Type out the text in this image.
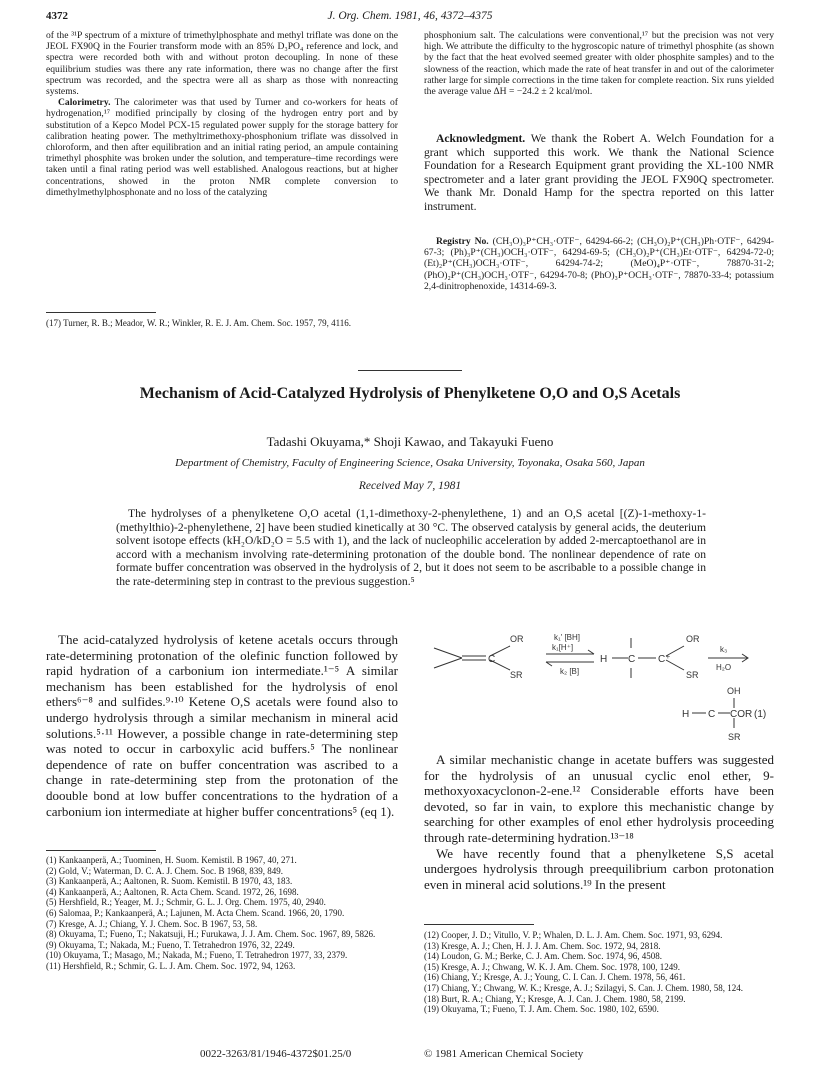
4372	J. Org. Chem. 1981, 46, 4372–4375

of the ³¹P spectrum of a mixture of trimethylphosphate and methyl triflate was done on the JEOL FX90Q in the Fourier transform mode with an 85% D₃PO₄ reference and lock, and spectra were recorded both with and without proton decoupling. In none of these equilibrium studies was there any rate information, there was no change after the first spectrum was recorded, and the spectra were all as sharp as those with nonreacting systems.

Calorimetry. The calorimeter was that used by Turner and co-workers for heats of hydrogenation,¹⁷ modified principally by closing of the hydrogen entry port and by substitution of a Kepco Model PCX-15 regulated power supply for the storage battery for calibration heating power. The methyltrimethoxy-phosphonium triflate was dissolved in chloroform, and then after equilibration and an initial rating period, an ampule containing trimethyl phosphite was broken under the solution, and temperature–time recordings were taken until a final rating period was well established. Analogous reactions, but at higher concentrations, showed in the proton NMR complete conversion to dimethylmethylphosphonate and no loss of the catalyzing

(17) Turner, R. B.; Meador, W. R.; Winkler, R. E. J. Am. Chem. Soc. 1957, 79, 4116.

phosphonium salt. The calculations were conventional,¹⁷ but the precision was not very high. We attribute the difficulty to the hygroscopic nature of trimethyl phosphite (as shown by the fact that the heat evolved seemed greater with older phosphite samples) and to the slowness of the reaction, which made the rate of heat transfer in and out of the calorimeter rather large for simple corrections in the time taken for complete reaction. Six runs yielded the average value ΔH = −24.2 ± 2 kcal/mol.

Acknowledgment. We thank the Robert A. Welch Foundation for a grant which supported this work. We thank the National Science Foundation for a Research Equipment grant providing the XL-100 NMR spectrometer and a later grant providing the JEOL FX90Q spectrometer. We thank Mr. Donald Hamp for the spectra reported on this latter instrument.

Registry No. (CH₃O)₃P⁺CH₃·OTF⁻, 64294-66-2; (CH₃O)₂P⁺(CH₃)Ph·OTF⁻, 64294-67-3; (Ph)₃P⁺(CH₃)OCH₃·OTF⁻, 64294-69-5; (CH₃O)₂P⁺(CH₃)Et·OTF⁻, 64294-72-0; (Et)₂P⁺(CH₃)OCH₃·OTF⁻, 64294-74-2; (MeO)₄P⁺·OTF⁻, 78870-31-2; (PhO)₂P⁺(CH₃)OCH₃·OTF⁻, 64294-70-8; (PhO)₃P⁺OCH₃·OTF⁻, 78870-33-4; potassium 2,4-dinitrophenoxide, 14314-69-3.

Mechanism of Acid-Catalyzed Hydrolysis of Phenylketene O,O and O,S Acetals
Tadashi Okuyama,* Shoji Kawao, and Takayuki Fueno
Department of Chemistry, Faculty of Engineering Science, Osaka University, Toyonaka, Osaka 560, Japan
Received May 7, 1981
The hydrolyses of a phenylketene O,O acetal (1,1-dimethoxy-2-phenylethene, 1) and an O,S acetal [(Z)-1-methoxy-1-(methylthio)-2-phenylethene, 2] have been studied kinetically at 30 °C. The observed catalysis by general acids, the deuterium solvent isotope effects (kH₂O/kD₂O = 5.5 with 1), and the lack of nucleophilic acceleration by added 2-mercaptoethanol are in accord with a mechanism involving rate-determining protonation of the double bond. The nonlinear dependence of rate on formate buffer concentration was observed in the hydrolysis of 2, but it does not seem to be ascribable to a possible change in the rate-determining step in contrast to the previous suggestion.⁵

The acid-catalyzed hydrolysis of ketene acetals occurs through rate-determining protonation of the olefinic function followed by rapid hydration of a carbonium ion intermediate.¹⁻⁵ A similar mechanism has been established for the hydrolysis of enol ethers⁶⁻⁸ and sulfides.⁹·¹⁰ Ketene O,S acetals were found also to undergo hydrolysis through a similar mechanism in mineral acid solutions.⁵·¹¹ However, a possible change in rate-determining step was noted to occur in carboxylic acid buffers.⁵ The nonlinear dependence of rate on buffer concentration was ascribed to a change in rate-determining step from the protonation of the doouble bond at low buffer concentrations to the hydration of a carbonium ion intermediate at higher buffer concentrations⁵ (eq 1).

(1) Kankaanperä, A.; Tuominen, H. Suom. Kemistil. B 1967, 40, 271.
(2) Gold, V.; Waterman, D. C. A. J. Chem. Soc. B 1968, 839, 849.
(3) Kankaanperä, A.; Aaltonen, R. Suom. Kemistil. B 1970, 43, 183.
(4) Kankaanperä, A.; Aaltonen, R. Acta Chem. Scand. 1972, 26, 1698.
(5) Hershfield, R.; Yeager, M. J.; Schmir, G. L. J. Org. Chem. 1975, 40, 2940.
(6) Salomaa, P.; Kankaanperä, A.; Lajunen, M. Acta Chem. Scand. 1966, 20, 1790.
(7) Kresge, A. J.; Chiang, Y. J. Chem. Soc. B 1967, 53, 58.
(8) Okuyama, T.; Fueno, T.; Nakatsuji, H.; Furukawa, J. J. Am. Chem. Soc. 1967, 89, 5826.
(9) Okuyama, T.; Nakada, M.; Fueno, T. Tetrahedron 1976, 32, 2249.
(10) Okuyama, T.; Masago, M.; Nakada, M.; Fueno, T. Tetrahedron 1977, 33, 2379.
(11) Hershfield, R.; Schmir, G. L. J. Am. Chem. Soc. 1972, 94, 1263.
C
OR
SR
k₁' [BH]
k₁[H⁺]
k₂ [B]
H C C⁺
OR
SR
k₃
H₂O
OH
H C COR (1)
SR

A similar mechanistic change in acetate buffers was suggested for the hydrolysis of an unusual cyclic enol ether, 9-methoxyoxacyclonon-2-ene.¹² Considerable efforts have been devoted, so far in vain, to explore this mechanistic change by searching for other examples of enol ether hydrolysis proceeding through rate-determining hydration.¹³⁻¹⁸

We have recently found that a phenylketene S,S acetal undergoes hydrolysis through preequilibrium carbon protonation even in mineral acid solutions.¹⁹ In the present

(12) Cooper, J. D.; Vitullo, V. P.; Whalen, D. L. J. Am. Chem. Soc. 1971, 93, 6294.
(13) Kresge, A. J.; Chen, H. J. J. Am. Chem. Soc. 1972, 94, 2818.
(14) Loudon, G. M.; Berke, C. J. Am. Chem. Soc. 1974, 96, 4508.
(15) Kresge, A. J.; Chwang, W. K. J. Am. Chem. Soc. 1978, 100, 1249.
(16) Chiang, Y.; Kresge, A. J.; Young, C. I. Can. J. Chem. 1978, 56, 461.
(17) Chiang, Y.; Chwang, W. K.; Kresge, A. J.; Szilagyi, S. Can. J. Chem. 1980, 58, 124.
(18) Burt, R. A.; Chiang, Y.; Kresge, A. J. Can. J. Chem. 1980, 58, 2199.
(19) Okuyama, T.; Fueno, T. J. Am. Chem. Soc. 1980, 102, 6590.
0022-3263/81/1946-4372$01.25/0	© 1981 American Chemical Society
